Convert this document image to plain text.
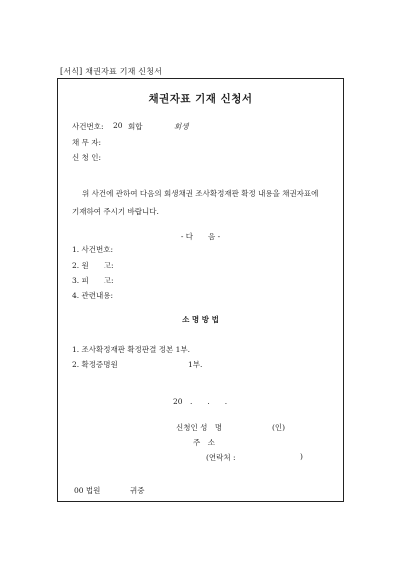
[서식] 채권자표 기재 신청서
채권자표 기재 신청서
사건번호: 20 회합	회생
채 무 자:
신 청 인:
위 사건에 관하여 다음의 회생채권 조사확정재판 확정 내용을 채권자표에 기재하여 주시기 바랍니다.
- 다　　음 -
1. 사건번호:
2. 원　　고:
3. 피　　고:
4. 관련내용:
소 명 방 법
1. 조사확정재판 확정판결 정본 1부.
2. 확정증명원	1부.
20　.　　.　　.
신청인 성　명	(인)
주　소
(연락처 :	)
00 법원	귀중
